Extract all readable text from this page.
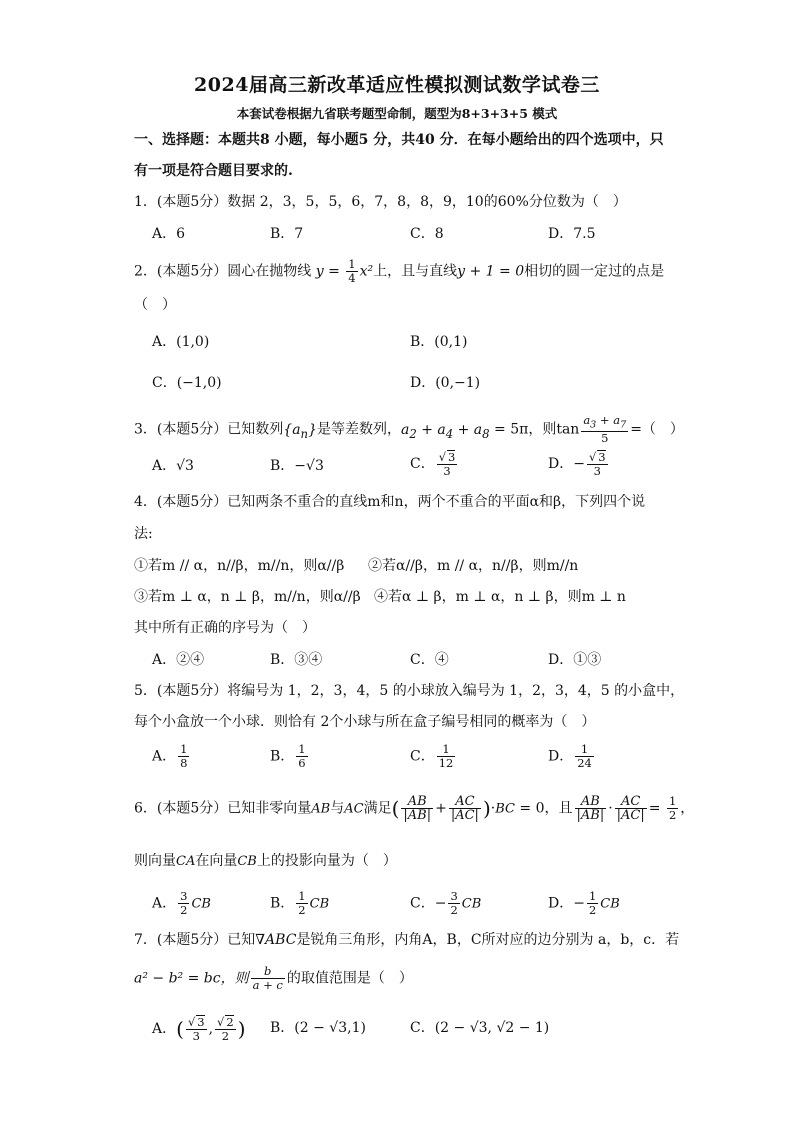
2024届高三新改革适应性模拟测试数学试卷三
本套试卷根据九省联考题型命制，题型为8+3+3+5 模式
一、选择题：本题共8 小题，每小题5 分，共40 分．在每小题给出的四个选项中，只
有一项是符合题目要求的.
1．(本题5分）数据 2，3，5，5，6，7，8，8，9，10的60%分位数为（　）
A．6	B．7	C．8	D．7.5
2．(本题5分）圆心在抛物线 $y = \frac{1}{4} x^2$上，且与直线y + 1 = 0相切的圆一定过的点是
（　）
A．(1,0)	B．(0,1)
C．(−1,0)	D．(0,−1)
3．(本题5分）已知数列$\{a_n\}$是等差数列，$a_2 + a_4 + a_8 = 5\pi$，则$\tan \frac{a_3 + a_7}{5}$ =（　）
A．√3	B．−√3	C． $\frac{√ 3}{3}$	D．− $\frac{√ 3}{3}$
4．(本题5分）已知两条不重合的直线m和n，两个不重合的平面α和β，下列四个说
法:
①若m // α，n//β，m//n，则α//β ②若α//β，m // α，n//β，则m//n
③若m ⊥ α，n ⊥ β，m//n，则α//β ④若α ⊥ β，m ⊥ α，n ⊥ β，则m ⊥ n
其中所有正确的序号为（　）
A．②④	B．③④	C．④	D．①③
5．(本题5分）将编号为 1，2，3，4，5 的小球放入编号为 1，2，3，4，5 的小盒中，
每个小盒放一个小球．则恰有 2个小球与所在盒子编号相同的概率为（　）
A． $\frac{1}{8}$	B． $\frac{1}{6}$	C． $\frac{1}{12}$	D． $\frac{1}{24}$
6．(本题5分）已知非零向量AB与AC满足( $\frac{AB}{|AB|} + \frac{AC}{|AC|} )\cdot BC = 0$，且 $\frac{AB}{|AB|} \cdot \frac{AC}{|AC|} = \frac{1}{2}$ ，
则向量CA在向量CB上的投影向量为（　）
A． $\frac{3}{2}$ CB	B． $\frac{1}{2}$ CB	C．− $\frac{3}{2}$ CB	D．− $\frac{1}{2}$ CB
7．(本题5分）已知∇ABC是锐角三角形，内角A，B，C所对应的边分别为 a，b，c．若
a² − b² = bc，则 $\frac{b}{a + c}$ 的取值范围是（　）
A．( $\frac{√ 3}{3}$ , $\frac{√ 2}{2}$ ) B．(2 − √3,1)	C．(2 − √3, √2 − 1)
